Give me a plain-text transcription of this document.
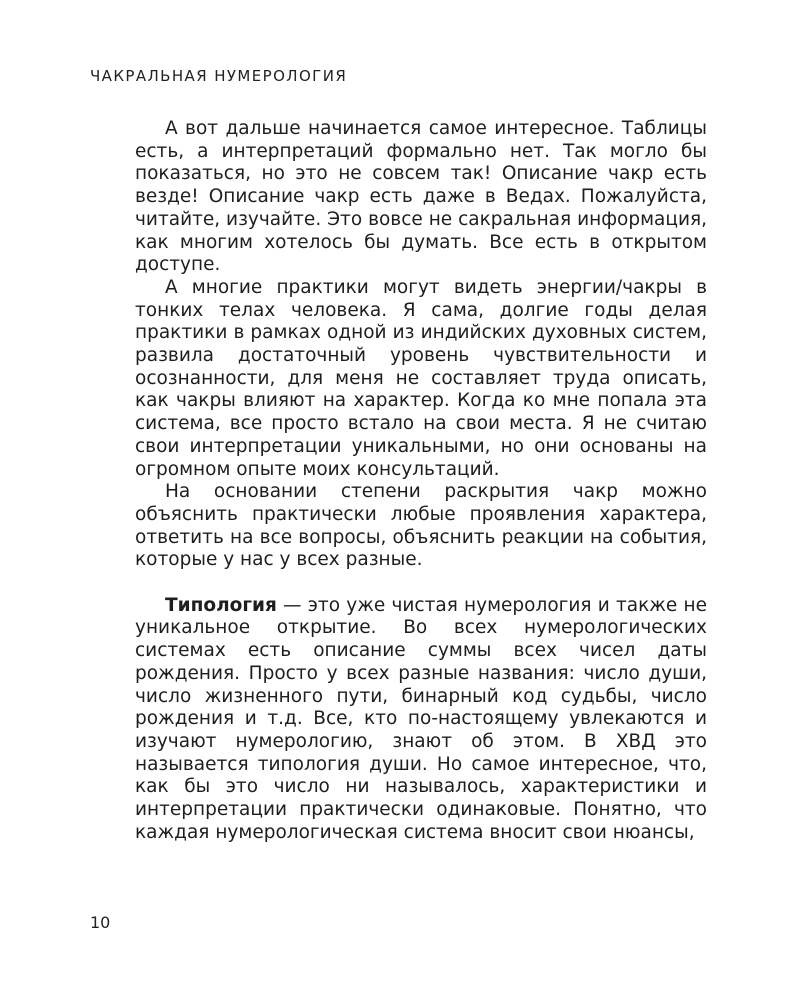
ЧАКРАЛЬНАЯ НУМЕРОЛОГИЯ

А вот дальше начинается самое интересное. Таблицы есть, а интерпретаций формально нет. Так могло бы показаться, но это не совсем так! Описание чакр есть везде! Описание чакр есть даже в Ведах. Пожалуйста, читайте, изучайте. Это вовсе не сакральная информация, как многим хотелось бы думать. Все есть в открытом доступе.

А многие практики могут видеть энергии/чакры в тонких телах человека. Я сама, долгие годы делая практики в рамках одной из индийских духовных систем, развила достаточный уровень чувствительности и осознанности, для меня не составляет труда описать, как чакры влияют на характер. Когда ко мне попала эта система, все просто встало на свои места. Я не считаю свои интерпретации уникальными, но они основаны на огромном опыте моих консультаций.

На основании степени раскрытия чакр можно объяснить практически любые проявления характера, ответить на все вопросы, объяснить реакции на события, которые у нас у всех разные.

Типология — это уже чистая нумерология и также не уникальное открытие. Во всех нумерологических системах есть описание суммы всех чисел даты рождения. Просто у всех разные названия: число души, число жизненного пути, бинарный код судьбы, число рождения и т.д. Все, кто по-настоящему увлекаются и изучают нумерологию, знают об этом. В ХВД это называется типология души. Но самое интересное, что, как бы это число ни называлось, характеристики и интерпретации практически одинаковые. Понятно, что каждая нумерологическая система вносит свои нюансы,

10
